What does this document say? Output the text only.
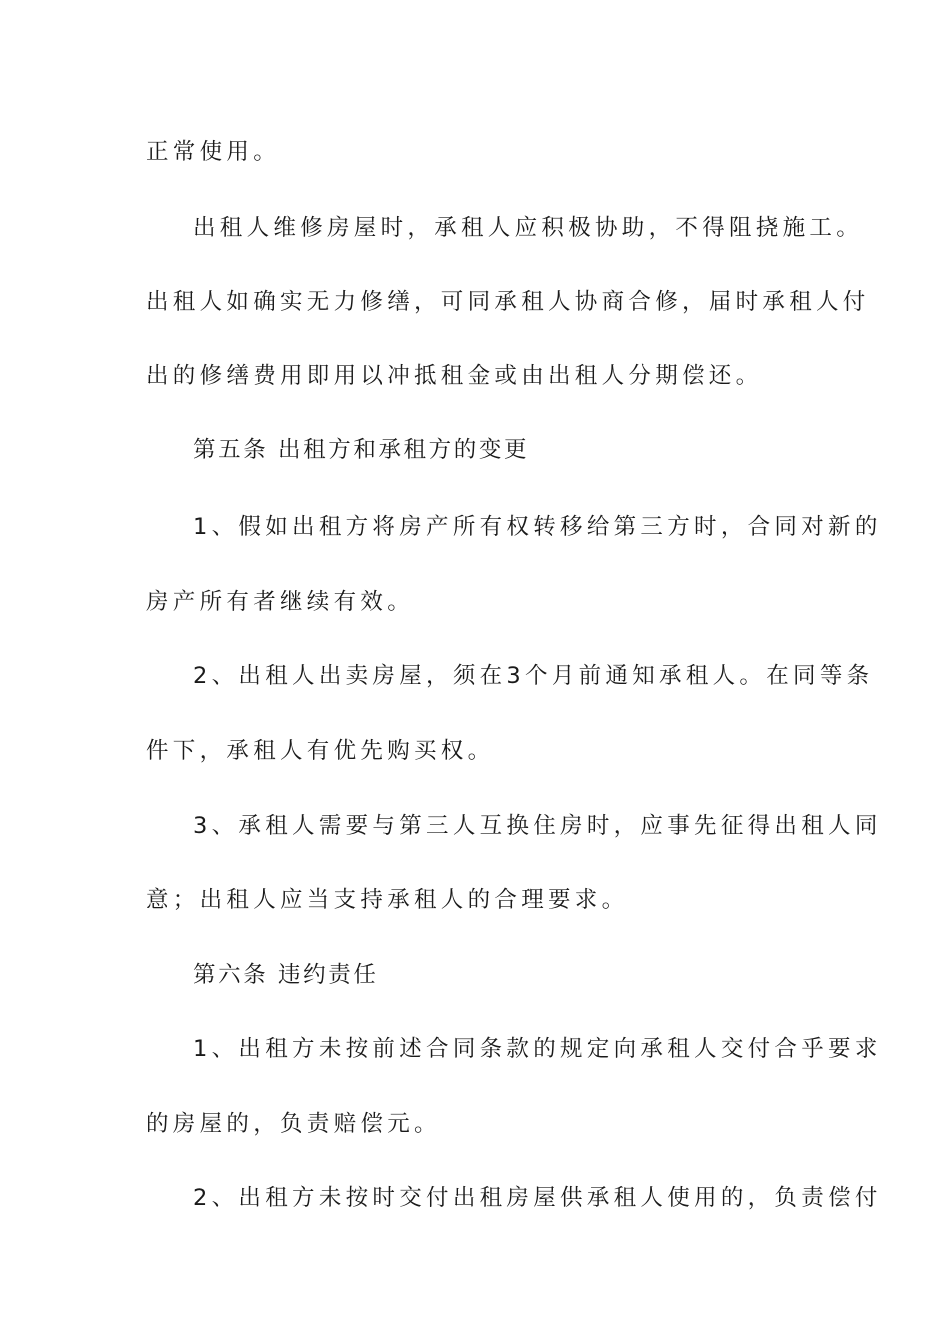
正常使用。
出租人维修房屋时，承租人应积极协助，不得阻挠施工。
出租人如确实无力修缮，可同承租人协商合修，届时承租人付
出的修缮费用即用以冲抵租金或由出租人分期偿还。
第五条 出租方和承租方的变更
1、假如出租方将房产所有权转移给第三方时，合同对新的
房产所有者继续有效。
2、出租人出卖房屋，须在3个月前通知承租人。在同等条
件下，承租人有优先购买权。
3、承租人需要与第三人互换住房时，应事先征得出租人同
意；出租人应当支持承租人的合理要求。
第六条 违约责任
1、出租方未按前述合同条款的规定向承租人交付合乎要求
的房屋的，负责赔偿元。
2、出租方未按时交付出租房屋供承租人使用的，负责偿付
